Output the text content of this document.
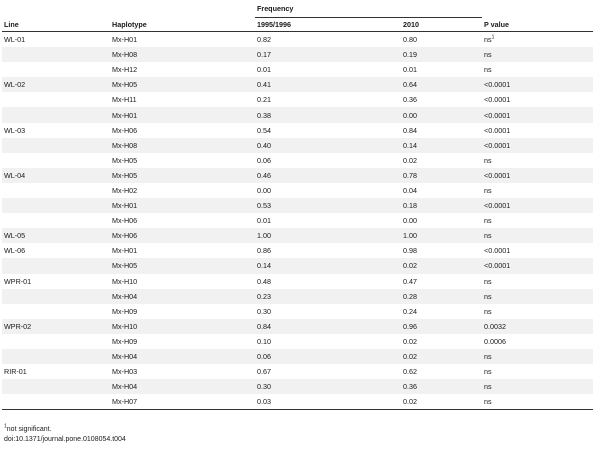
		Frequency		
Line	Haplotype	1995/1996	2010	P value
WL-01	Mx-H01	0.82	0.80	$ns^1$
	Mx-H08	0.17	0.19	ns
	Mx-H12	0.01	0.01	ns
WL-02	Mx-H05	0.41	0.64	<0.0001
	Mx-H11	0.21	0.36	<0.0001
	Mx-H01	0.38	0.00	<0.0001
WL-03	Mx-H06	0.54	0.84	<0.0001
	Mx-H08	0.40	0.14	<0.0001
	Mx-H05	0.06	0.02	ns
WL-04	Mx-H05	0.46	0.78	<0.0001
	Mx-H02	0.00	0.04	ns
	Mx-H01	0.53	0.18	<0.0001
	Mx-H06	0.01	0.00	ns
WL-05	Mx-H06	1.00	1.00	ns
WL-06	Mx-H01	0.86	0.98	<0.0001
	Mx-H05	0.14	0.02	<0.0001
WPR-01	Mx-H10	0.48	0.47	ns
	Mx-H04	0.23	0.28	ns
	Mx-H09	0.30	0.24	ns
WPR-02	Mx-H10	0.84	0.96	0.0032
	Mx-H09	0.10	0.02	0.0006
	Mx-H04	0.06	0.02	ns
RIR-01	Mx-H03	0.67	0.62	ns
	Mx-H04	0.30	0.36	ns
	Mx-H07	0.03	0.02	ns
$^1$not significant.
doi:10.1371/journal.pone.0108054.t004
